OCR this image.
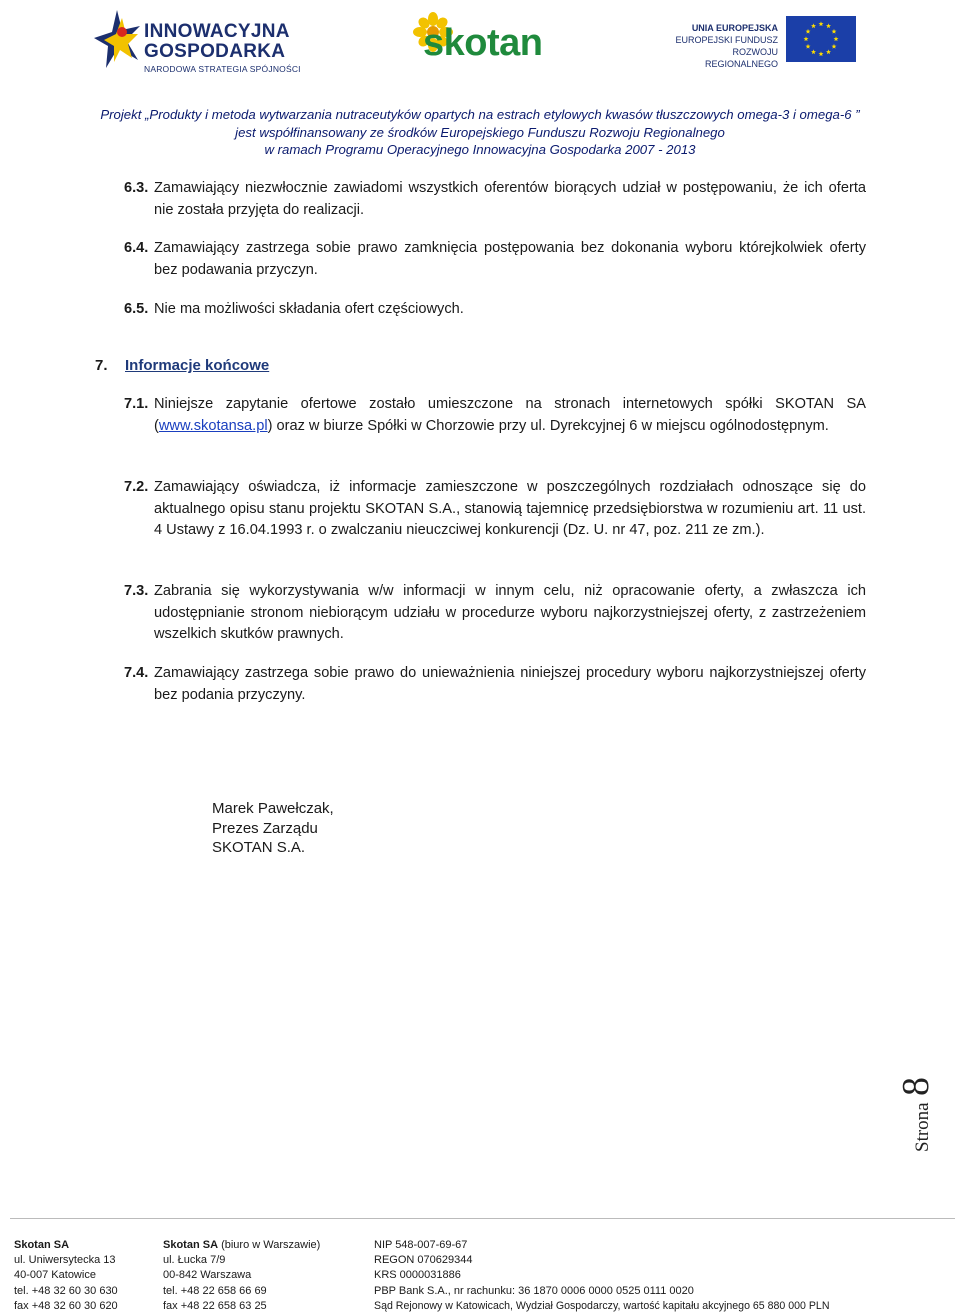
INNOWACYJNA
GOSPODARKA
NARODOWA STRATEGIA SPÓJNOŚCI
skotan	UNIA EUROPEJSKA
EUROPEJSKI FUNDUSZ
ROZWOJU REGIONALNEGO
Projekt „Produkty i metoda wytwarzania nutraceutyków opartych na estrach etylowych kwasów tłuszczowych omega-3 i omega-6 ”
jest współfinansowany ze środków Europejskiego Funduszu Rozwoju Regionalnego
w ramach Programu Operacyjnego Innowacyjna Gospodarka 2007 - 2013
6.3. Zamawiający niezwłocznie zawiadomi wszystkich oferentów biorących udział w postępowaniu, że ich oferta nie została przyjęta do realizacji.
6.4. Zamawiający zastrzega sobie prawo zamknięcia postępowania bez dokonania wyboru którejkolwiek oferty bez podawania przyczyn.
6.5. Nie ma możliwości składania ofert częściowych.
7. Informacje końcowe
7.1. Niniejsze zapytanie ofertowe zostało umieszczone na stronach internetowych spółki SKOTAN SA (www.skotansa.pl) oraz w biurze Spółki w Chorzowie przy ul. Dyrekcyjnej 6 w miejscu ogólnodostępnym.
7.2. Zamawiający oświadcza, iż informacje zamieszczone w poszczególnych rozdziałach odnoszące się do aktualnego opisu stanu projektu SKOTAN S.A., stanowią tajemnicę przedsiębiorstwa w rozumieniu art. 11 ust. 4 Ustawy z 16.04.1993 r. o zwalczaniu nieuczciwej konkurencji (Dz. U. nr 47, poz. 211 ze zm.).
7.3. Zabrania się wykorzystywania w/w informacji w innym celu, niż opracowanie oferty, a zwłaszcza ich udostępnianie stronom niebiorącym udziału w procedurze wyboru najkorzystniejszej oferty, z zastrzeżeniem wszelkich skutków prawnych.
7.4. Zamawiający zastrzega sobie prawo do unieważnienia niniejszej procedury wyboru najkorzystniejszej oferty bez podania przyczyny.
Marek Pawełczak,
Prezes Zarządu
SKOTAN S.A.
Strona
8
Skotan SA
ul. Uniwersytecka 13
40-007 Katowice
tel. +48 32 60 30 630
fax +48 32 60 30 620
Skotan SA (biuro w Warszawie)
ul. Łucka 7/9
00-842 Warszawa
tel. +48 22 658 66 69
fax +48 22 658 63 25
NIP 548-007-69-67
REGON 070629344
KRS 0000031886
PBP Bank S.A., nr rachunku: 36 1870 0006 0000 0525 0111 0020
Sąd Rejonowy w Katowicach, Wydział Gospodarczy, wartość kapitału akcyjnego 65 880 000 PLN
